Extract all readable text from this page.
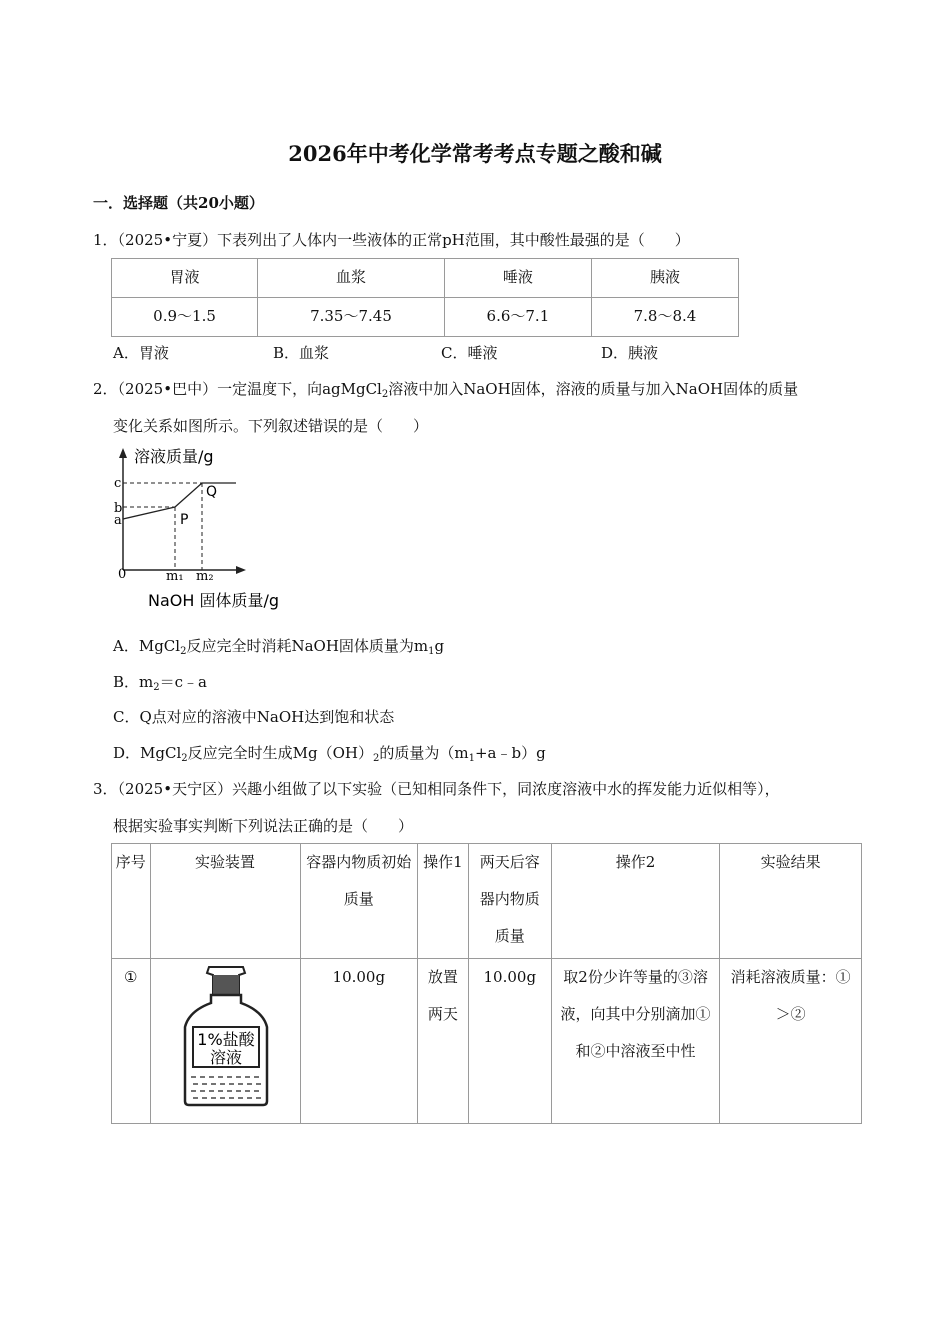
2026年中考化学常考考点专题之酸和碱
一．选择题（共20小题）
1．（2025•宁夏）下表列出了人体内一些液体的正常pH范围，其中酸性最强的是（　　）
胃液	血浆	唾液	胰液
0.9～1.5	7.35～7.45	6.6～7.1	7.8～8.4
A．胃液	B．血浆	C．唾液	D．胰液
2．（2025•巴中）一定温度下，向agMgCl$_2$溶液中加入NaOH固体，溶液的质量与加入NaOH固体的质量
变化关系如图所示。下列叙述错误的是（　　）
溶液质量/g
c
b
a
0	m₁ m₂
P
Q
NaOH 固体质量/g
A．MgCl$_2$反应完全时消耗NaOH固体质量为$m_1g$
B．$m_2=c﹣a$
C．Q点对应的溶液中NaOH达到饱和状态
D．MgCl$_2$反应完全时生成$Mg(OH)_2$的质量为$(m_1+a﹣b)g$
3．（2025•天宁区）兴趣小组做了以下实验（已知相同条件下，同浓度溶液中水的挥发能力近似相等），
根据实验事实判断下列说法正确的是（　　）
序号	实验装置	容器内物质初始质量	操作1	两天后容器内物质质量	操作2	实验结果
①	1%盐酸
溶液	10.00g	放置两天	10.00g	取2份少许等量的③溶液，向其中分别滴加①和②中溶液至中性	消耗溶液质量：①＞②
